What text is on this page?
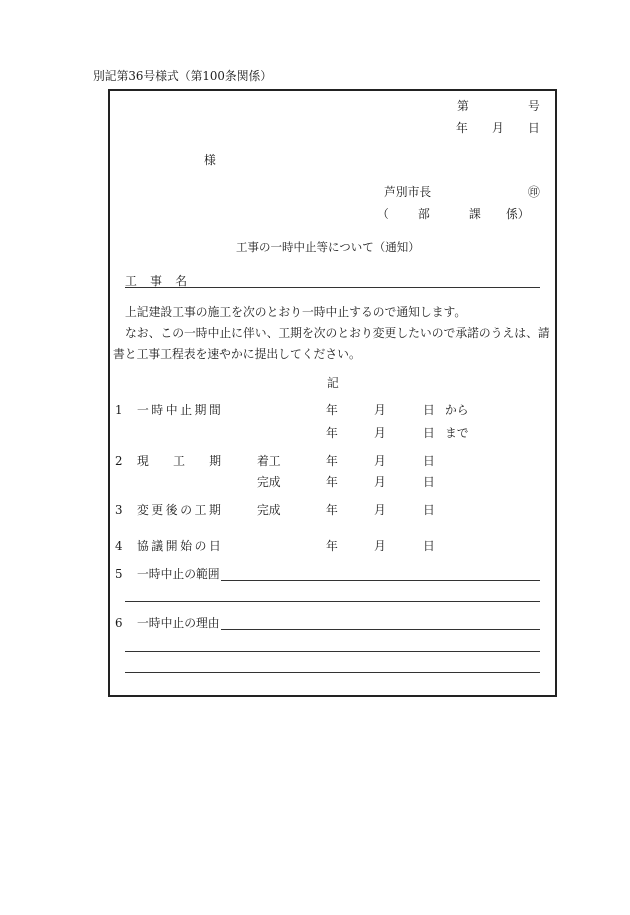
別記第36号様式（第100条関係）
第	号
年 月 日
様
芦別市長	㊞
（ 部	課 係）
工事の一時中止等について（通知）
工事名
上記建設工事の施工を次のとおり一時中止するので通知します。
なお、この一時中止に伴い、工期を次のとおり変更したいので承諾のうえは、請
書と工事工程表を速やかに提出してください。
記
1 一時中止期間	年	月	日 から
年	月	日 まで
2 現工期 着工	年	月	日
完成	年	月	日
3 変更後の工期	完成	年	月	日
4 協議開始の日	年	月	日
5 一時中止の範囲
6 一時中止の理由
